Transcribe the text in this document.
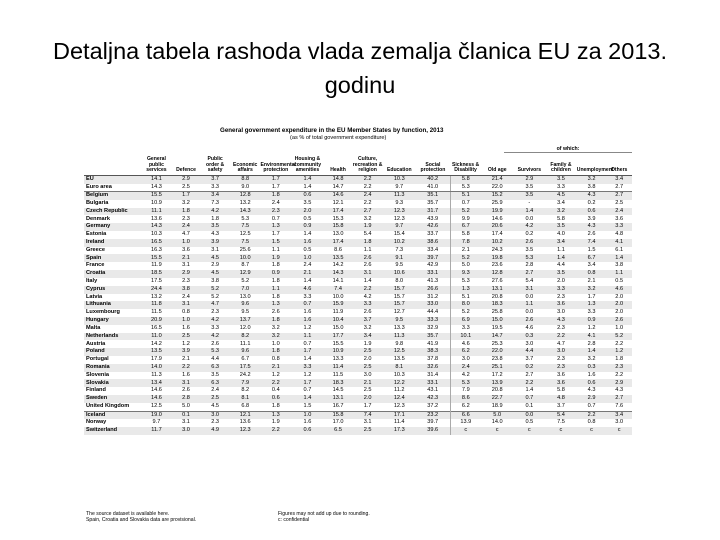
Detaljna tabela rashoda vlada zemalja članica EU za 2013. godinu
General government expenditure in the EU Member States by function, 2013
(as % of total government expenditure)
of which:
	General public services	Defence	Public order & safety	Economic affairs	Environmental protection	Housing & community amenities	Health	Culture, recreation & religion	Education	Social protection	Sickness & Disability	Old age	Survivors	Family & children	Unemployment	Others
EU	14.1	2.9	3.7	8.8	1.7	1.4	14.8	2.2	10.3	40.2	5.8	21.4	2.9	3.5	3.2	3.4
Euro area	14.3	2.5	3.3	9.0	1.7	1.4	14.7	2.2	9.7	41.0	5.3	22.0	3.5	3.3	3.8	2.7
Belgium	15.5	1.7	3.4	12.8	1.8	0.6	14.6	2.4	11.3	35.1	5.1	15.2	3.5	4.5	4.3	2.7
Bulgaria	10.9	3.2	7.3	13.2	2.4	3.5	12.1	2.2	9.3	35.7	0.7	25.9	-	3.4	0.2	2.5
Czech Republic	11.1	1.8	4.2	14.3	2.3	2.0	17.4	2.7	12.3	31.7	5.2	19.9	1.4	3.2	0.6	2.4
Denmark	13.6	2.3	1.8	5.3	0.7	0.5	15.3	3.2	12.3	43.9	9.9	14.6	0.0	5.8	3.9	3.6
Germany	14.3	2.4	3.5	7.5	1.3	0.9	15.8	1.9	9.7	42.6	6.7	20.6	4.2	3.5	4.3	3.3
Estonia	10.3	4.7	4.3	12.5	1.7	1.4	13.0	5.4	15.4	33.7	5.8	17.4	0.2	4.0	2.6	4.8
Ireland	16.5	1.0	3.9	7.5	1.5	1.6	17.4	1.8	10.2	38.6	7.8	10.2	2.6	3.4	7.4	4.1
Greece	16.3	3.6	3.1	25.6	1.1	0.5	8.6	1.1	7.3	33.4	2.1	24.3	3.5	1.1	1.5	6.1
Spain	15.5	2.1	4.5	10.0	1.9	1.0	13.5	2.6	9.1	39.7	5.2	19.8	5.3	1.4	6.7	1.4
France	11.9	3.1	2.9	8.7	1.8	2.4	14.2	2.6	9.5	42.9	5.0	23.6	2.8	4.4	3.4	3.8
Croatia	18.5	2.9	4.5	12.9	0.9	2.1	14.3	3.1	10.6	33.1	9.3	12.8	2.7	3.5	0.8	1.1
Italy	17.5	2.3	3.8	5.2	1.8	1.4	14.1	1.4	8.0	41.3	5.3	27.6	5.4	2.0	2.1	0.5
Cyprus	24.4	3.8	5.2	7.0	1.1	4.6	7.4	2.2	15.7	26.6	1.3	13.1	3.1	3.3	3.2	4.6
Latvia	13.2	2.4	5.2	13.0	1.8	3.3	10.0	4.2	15.7	31.2	5.1	20.8	0.0	2.3	1.7	2.0
Lithuania	11.8	3.1	4.7	9.6	1.3	0.7	15.9	3.3	15.7	33.0	8.0	18.3	1.1	3.6	1.3	2.0
Luxembourg	11.5	0.8	2.3	9.5	2.6	1.6	11.9	2.6	12.7	44.4	5.2	25.8	0.0	3.0	3.3	2.0
Hungary	20.9	1.0	4.2	13.7	1.8	1.6	10.4	3.7	9.5	33.3	6.9	15.0	2.6	4.3	0.9	2.6
Malta	16.5	1.6	3.3	12.0	3.2	1.2	15.0	3.2	13.3	32.9	3.3	19.5	4.6	2.3	1.2	1.0
Netherlands	11.0	2.5	4.2	8.2	3.2	1.1	17.7	3.4	11.3	35.7	10.1	14.7	0.3	2.2	4.1	5.2
Austria	14.2	1.2	2.6	11.1	1.0	0.7	15.5	1.9	9.8	41.9	4.6	25.3	3.0	4.7	2.8	2.2
Poland	13.5	3.9	5.3	9.6	1.8	1.7	10.9	2.5	12.5	38.3	6.2	22.0	4.4	3.0	1.4	1.2
Portugal	17.9	2.1	4.4	6.7	0.8	1.4	13.3	2.0	13.5	37.8	3.0	23.8	3.7	2.3	3.2	1.8
Romania	14.0	2.2	6.3	17.5	2.1	3.3	11.4	2.5	8.1	32.6	2.4	25.1	0.2	2.3	0.3	2.3
Slovenia	11.3	1.6	3.5	24.2	1.2	1.2	11.5	3.0	10.3	31.4	4.2	17.2	2.7	3.6	1.6	2.2
Slovakia	13.4	3.1	6.3	7.9	2.2	1.7	18.3	2.1	12.2	33.1	5.3	13.9	2.2	3.6	0.6	2.9
Finland	14.6	2.6	2.4	8.2	0.4	0.7	14.5	2.5	11.2	43.1	7.9	20.8	1.4	5.8	4.3	4.3
Sweden	14.6	2.8	2.5	8.1	0.6	1.4	13.1	2.0	12.4	42.3	8.6	22.7	0.7	4.8	2.9	2.7
United Kingdom	12.5	5.0	4.5	6.8	1.8	1.5	16.7	1.7	12.3	37.2	6.2	18.9	0.1	3.7	0.7	7.6
Iceland	19.0	0.1	3.0	12.1	1.3	1.0	15.8	7.4	17.1	23.2	6.6	5.0	0.0	5.4	2.2	3.4
Norway	9.7	3.1	2.3	13.6	1.9	1.6	17.0	3.1	11.4	39.7	13.9	14.0	0.5	7.5	0.8	3.0
Switzerland	11.7	3.0	4.9	12.3	2.2	0.6	6.5	2.5	17.3	39.6	c	c	c	c	c	c
The source dataset is available here.
Spain, Croatia and Slovakia data are provisional.
Figures may not add up due to rounding.
c: confidential
